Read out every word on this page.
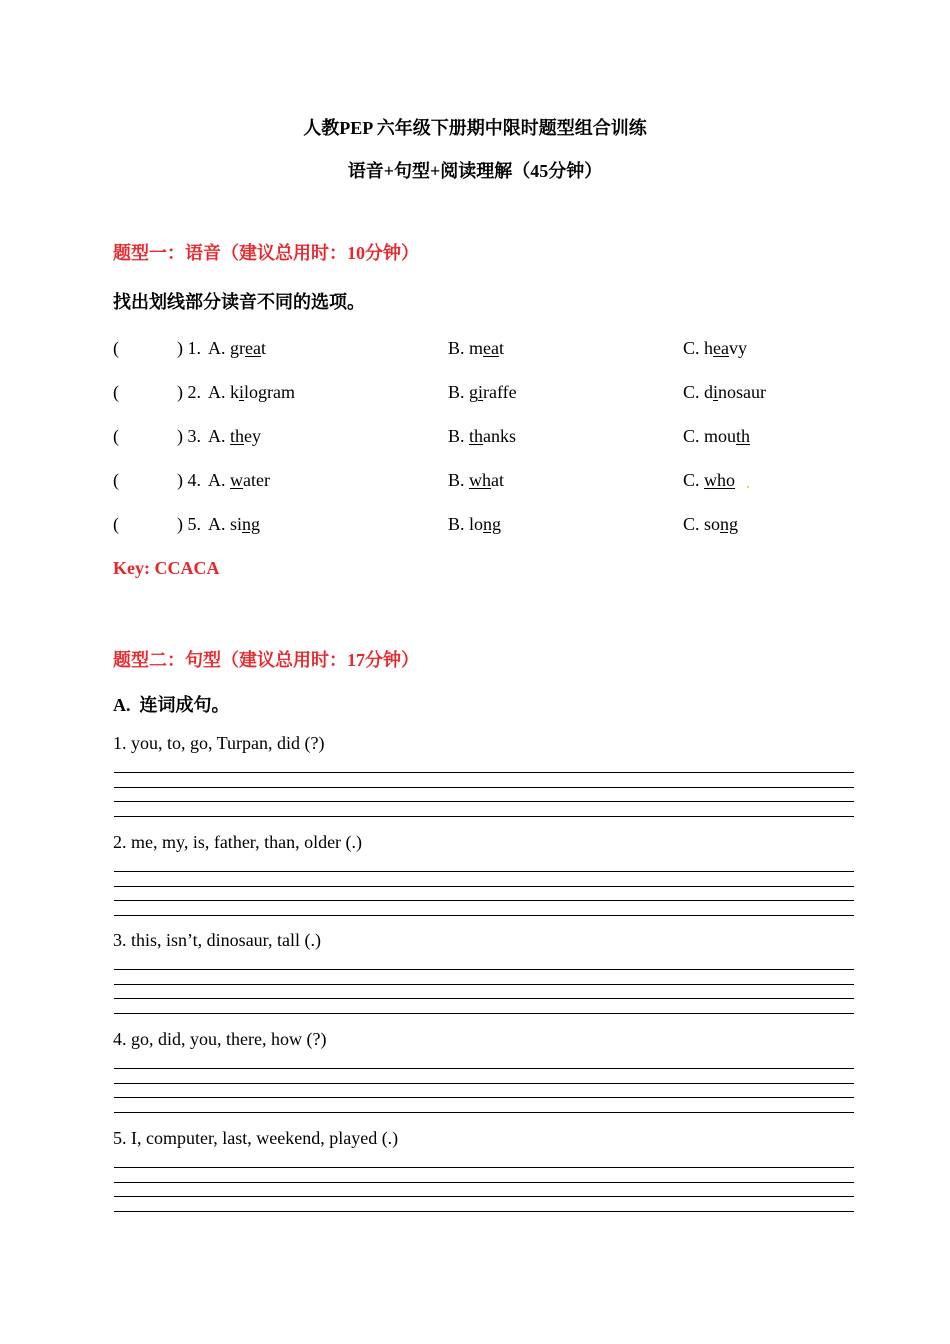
人教PEP 六年级下册期中限时题型组合训练
语音+句型+阅读理解（45分钟）
题型一：语音（建议总用时：10分钟）
找出划线部分读音不同的选项。
(	) 1. A. great	B. meat	C. heavy
(	) 2. A. kilogram	B. giraffe	C. dinosaur
(	) 3. A. they	B. thanks	C. mouth
(	) 4. A. water	B. what	C. who
(	) 5. A. sing	B. long	C. song
Key: CCACA
题型二：句型（建议总用时：17分钟）
A. 连词成句。
1. you, to, go, Turpan, did (?)
2. me, my, is, father, than, older (.)
3. this, isn’t, dinosaur, tall (.)
4. go, did, you, there, how (?)
5. I, computer, last, weekend, played (.)
